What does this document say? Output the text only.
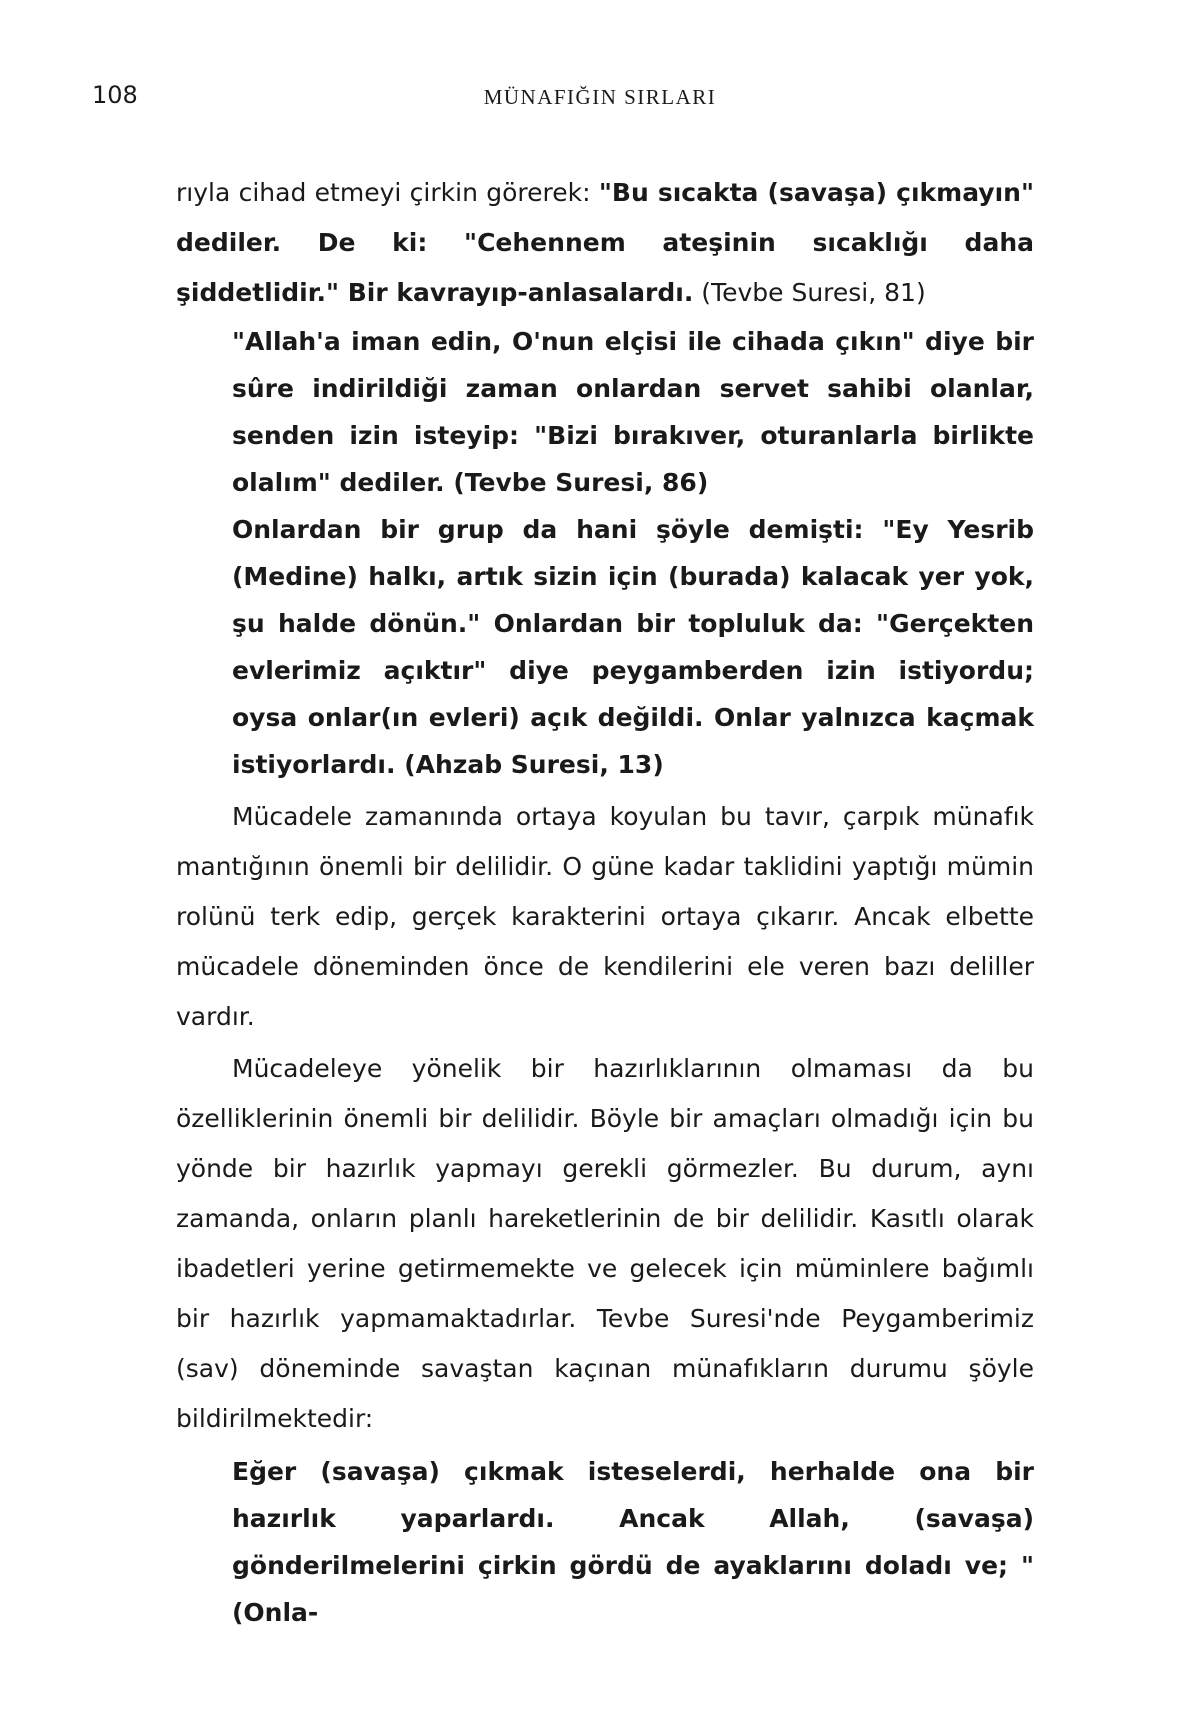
108	MÜNAFIĞIN SIRLARI

rıyla cihad etmeyi çirkin görerek: "Bu sıcakta (savaşa) çıkmayın" dediler. De ki: "Cehennem ateşinin sıcaklığı daha şiddetlidir." Bir kavrayıp-anlasalardı. (Tevbe Suresi, 81)

"Allah'a iman edin, O'nun elçisi ile cihada çıkın" diye bir sûre indirildiği zaman onlardan servet sahibi olanlar, senden izin isteyip: "Bizi bırakıver, oturanlarla birlikte olalım" dediler. (Tevbe Suresi, 86)

Onlardan bir grup da hani şöyle demişti: "Ey Yesrib (Medine) halkı, artık sizin için (burada) kalacak yer yok, şu halde dönün." Onlardan bir topluluk da: "Gerçekten evlerimiz açıktır" diye peygamberden izin istiyordu; oysa onlar(ın evleri) açık değildi. Onlar yalnızca kaçmak istiyorlardı. (Ahzab Suresi, 13)

Mücadele zamanında ortaya koyulan bu tavır, çarpık münafık mantığının önemli bir delilidir. O güne kadar taklidini yaptığı mümin rolünü terk edip, gerçek karakterini ortaya çıkarır. Ancak elbette mücadele döneminden önce de kendilerini ele veren bazı deliller vardır.

Mücadeleye yönelik bir hazırlıklarının olmaması da bu özelliklerinin önemli bir delilidir. Böyle bir amaçları olmadığı için bu yönde bir hazırlık yapmayı gerekli görmezler. Bu durum, aynı zamanda, onların planlı hareketlerinin de bir delilidir. Kasıtlı olarak ibadetleri yerine getirmemekte ve gelecek için müminlere bağımlı bir hazırlık yapmamaktadırlar. Tevbe Suresi'nde Peygamberimiz (sav) döneminde savaştan kaçınan münafıkların durumu şöyle bildirilmektedir:

Eğer (savaşa) çıkmak isteselerdi, herhalde ona bir hazırlık yaparlardı. Ancak Allah, (savaşa) gönderilmelerini çirkin gördü de ayaklarını doladı ve; "(Onla-
